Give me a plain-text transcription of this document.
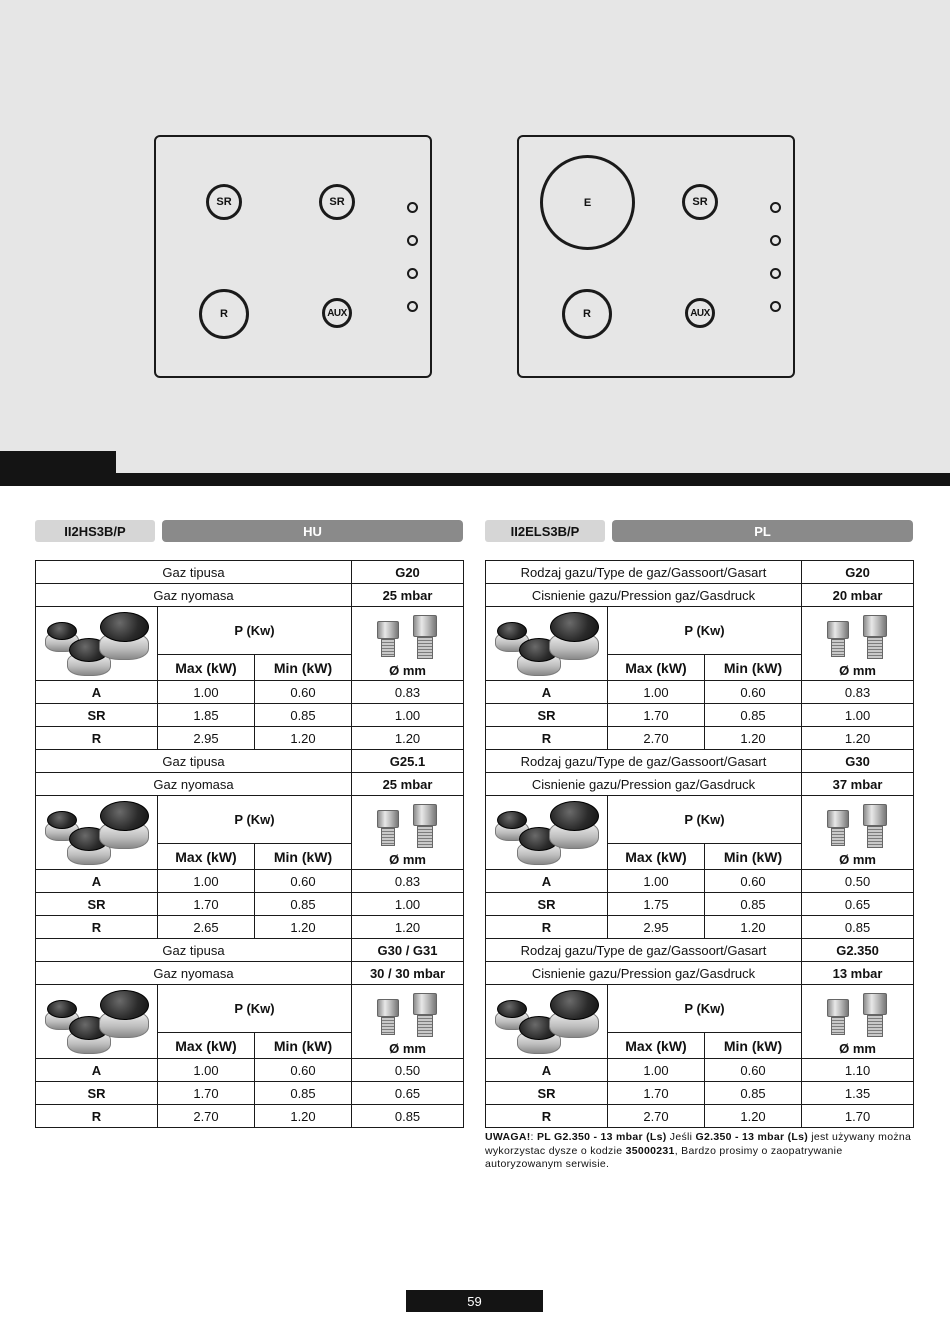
SR	SR
R	AUX
E	SR
R	AUX
II2HS3B/P	HU	II2ELS3B/P	PL
Gaz tipusa			G20
Gaz nyomasa			25 mbar

	P (Kw)		Ø mm

	Max (kW)	Min (kW)	
A	1.00	0.60	0.83
SR	1.85	0.85	1.00
R	2.95	1.20	1.20
Gaz tipusa			G25.1
Gaz nyomasa			25 mbar

	P (Kw)		Ø mm

	Max (kW)	Min (kW)	
A	1.00	0.60	0.83
SR	1.70	0.85	1.00
R	2.65	1.20	1.20
Gaz tipusa			G30 / G31
Gaz nyomasa			30 / 30 mbar

	P (Kw)		Ø mm

	Max (kW)	Min (kW)	
A	1.00	0.60	0.50
SR	1.70	0.85	0.65
R	2.70	1.20	0.85
Rodzaj gazu/Type de gaz/Gassoort/Gasart			G20
Cisnienie gazu/Pression gaz/Gasdruck			20 mbar

	P (Kw)		Ø mm

	Max (kW)	Min (kW)	
A	1.00	0.60	0.83
SR	1.70	0.85	1.00
R	2.70	1.20	1.20
Rodzaj gazu/Type de gaz/Gassoort/Gasart			G30
Cisnienie gazu/Pression gaz/Gasdruck			37 mbar

	P (Kw)		Ø mm

	Max (kW)	Min (kW)	
A	1.00	0.60	0.50
SR	1.75	0.85	0.65
R	2.95	1.20	0.85
Rodzaj gazu/Type de gaz/Gassoort/Gasart			G2.350
Cisnienie gazu/Pression gaz/Gasdruck			13 mbar

	P (Kw)		Ø mm

	Max (kW)	Min (kW)	
A	1.00	0.60	1.10
SR	1.70	0.85	1.35
R	2.70	1.20	1.70
UWAGA!: PL G2.350 - 13 mbar (Ls) Jeśli G2.350 - 13 mbar (Ls) jest używany można wykorzystac dysze o kodzie 35000231, Bardzo prosimy o zaopatrywanie autoryzowanym serwisie.
59
